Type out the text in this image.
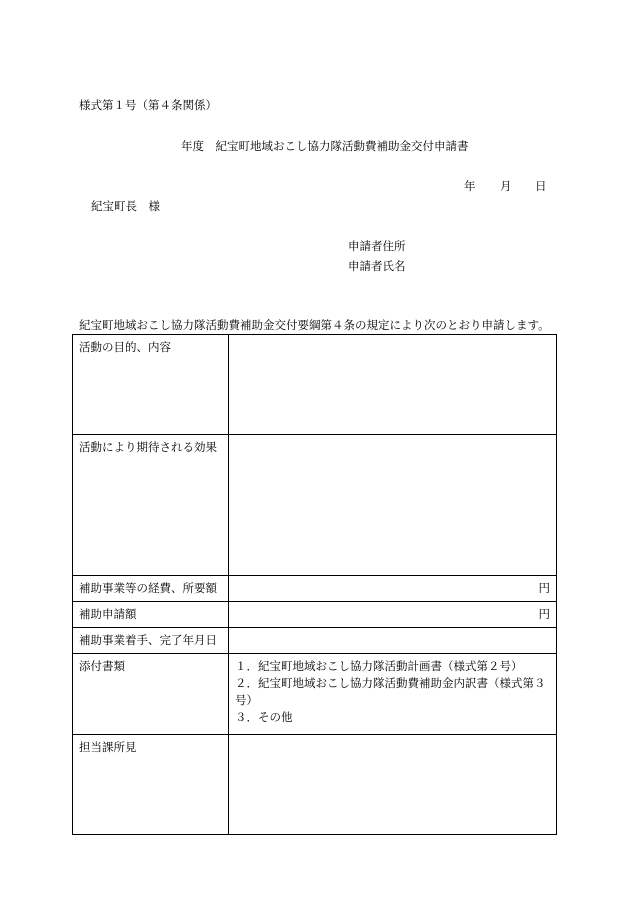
様式第１号（第４条関係）
年度　紀宝町地域おこし協力隊活動費補助金交付申請書
年 月 日
紀宝町長　様
申請者住所
申請者氏名
紀宝町地域おこし協力隊活動費補助金交付要綱第４条の規定により次のとおり申請します。
活動の目的、内容	
活動により期待される効果	
補助事業等の経費、所要額	円
補助申請額	円
補助事業着手、完了年月日	
添付書類	１．紀宝町地域おこし協力隊活動計画書（様式第２号）
２．紀宝町地域おこし協力隊活動費補助金内訳書（様式第３号）
３．その他

担当課所見	
